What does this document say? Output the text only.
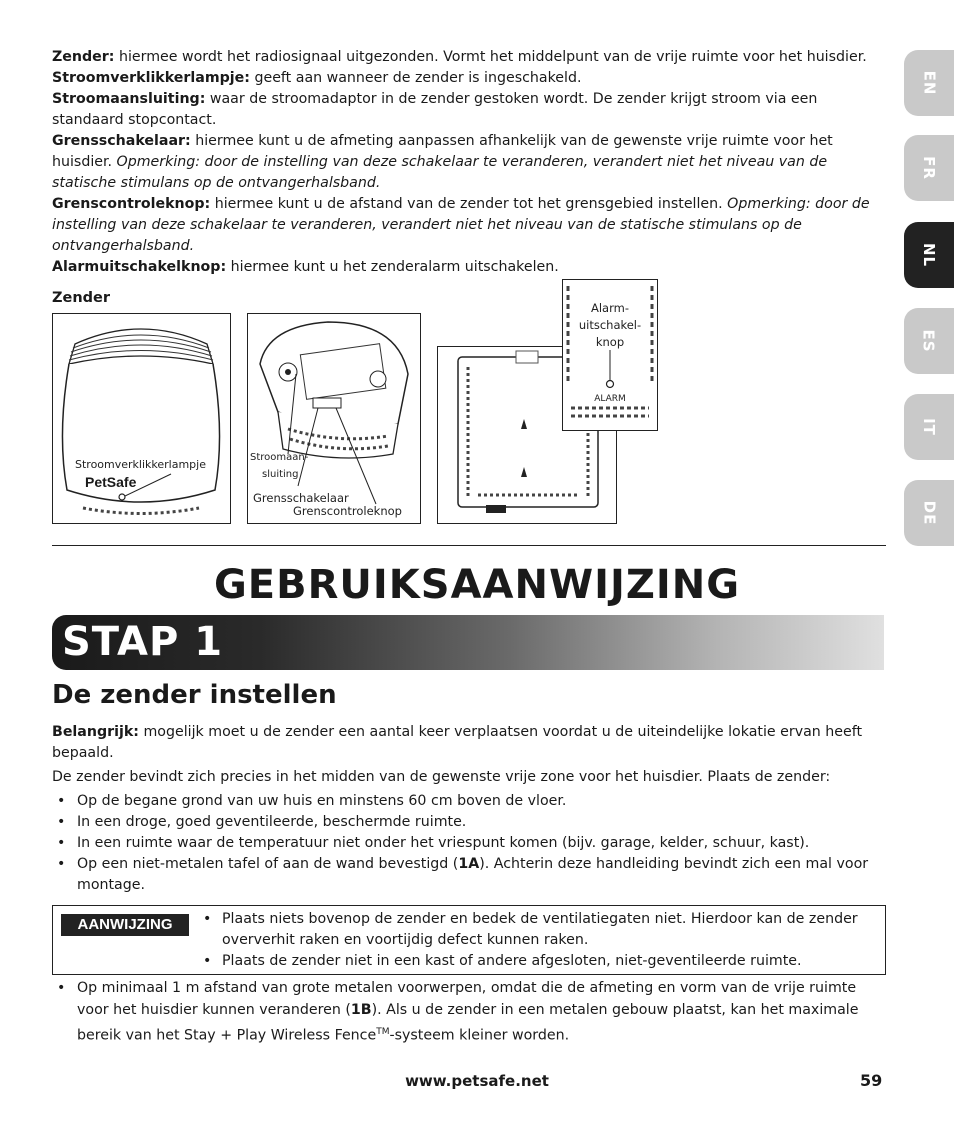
Zender: hiermee wordt het radiosignaal uitgezonden. Vormt het middelpunt van de vrije ruimte voor het huisdier.

Stroomverklikkerlampje: geeft aan wanneer de zender is ingeschakeld.

Stroomaansluiting: waar de stroomadaptor in de zender gestoken wordt. De zender krijgt stroom via een standaard stopcontact.

Grensschakelaar: hiermee kunt u de afmeting aanpassen afhankelijk van de gewenste vrije ruimte voor het huisdier. Opmerking: door de instelling van deze schakelaar te veranderen, verandert niet het niveau van de statische stimulans op de ontvangerhalsband.

Grenscontroleknop: hiermee kunt u de afstand van de zender tot het grensgebied instellen. Opmerking: door de instelling van deze schakelaar te veranderen, verandert niet het niveau van de statische stimulans op de ontvangerhalsband.

Alarmuitschakelknop: hiermee kunt u het zenderalarm uitschakelen.

Zender
Stroomverklikkerlampje
PetSafe
Stroomaan-
sluiting
Grensschakelaar
Grenscontroleknop
Alarm-
uitschakel-
knop
ALARM
EN
FR
NL
ES
IT
DE
GEBRUIKSAANWIJZING
STAP 1
De zender instellen

Belangrijk: mogelijk moet u de zender een aantal keer verplaatsen voordat u de uiteindelijke lokatie ervan heeft bepaald.

De zender bevindt zich precies in het midden van de gewenste vrije zone voor het huisdier. Plaats de zender:

• Op de begane grond van uw huis en minstens 60 cm boven de vloer.
• In een droge, goed geventileerde, beschermde ruimte.
• In een ruimte waar de temperatuur niet onder het vriespunt komen (bijv. garage, kelder, schuur, kast).
• Op een niet-metalen tafel of aan de wand bevestigd (1A). Achterin deze handleiding bevindt zich een mal voor montage.
AANWIJZING
•	Plaats niets bovenop de zender en bedek de ventilatiegaten niet. Hierdoor kan de zender oververhit raken en voortijdig defect kunnen raken.
• Plaats de zender niet in een kast of andere afgesloten, niet-geventileerde ruimte.
• Op minimaal 1 m afstand van grote metalen voorwerpen, omdat die de afmeting en vorm van de vrije ruimte voor het huisdier kunnen veranderen (1B). Als u de zender in een metalen gebouw plaatst, kan het maximale bereik van het Stay + Play Wireless Fence™-systeem kleiner worden.
www.petsafe.net	59
